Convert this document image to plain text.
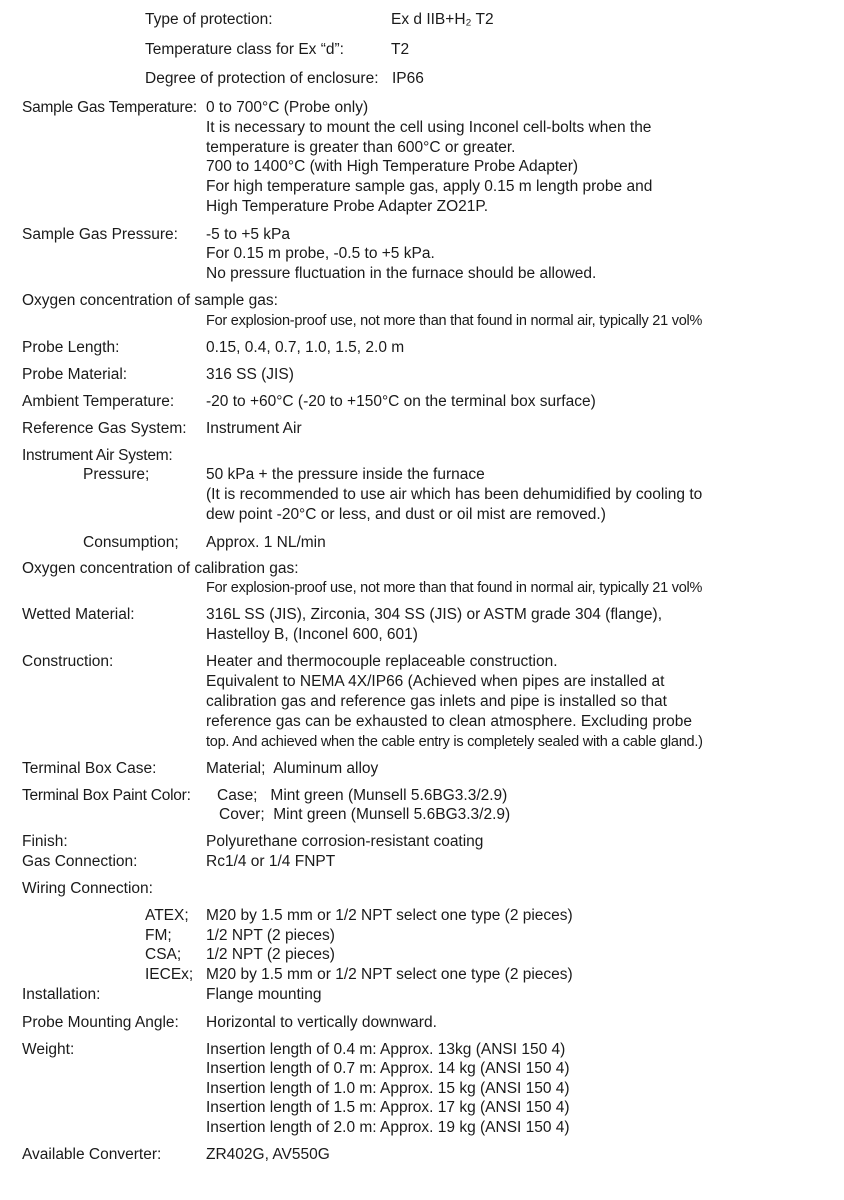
Type of protection:	Ex d IIB+H₂ T2
Temperature class for Ex “d”:	T2
Degree of protection of enclosure: IP66
Sample Gas Temperature: 0 to 700°C (Probe only)
It is necessary to mount the cell using Inconel cell-bolts when the
temperature is greater than 600°C or greater.
700 to 1400°C (with High Temperature Probe Adapter)
For high temperature sample gas, apply 0.15 m length probe and
High Temperature Probe Adapter ZO21P.
Sample Gas Pressure: -5 to +5 kPa
For 0.15 m probe, -0.5 to +5 kPa.
No pressure fluctuation in the furnace should be allowed.
Oxygen concentration of sample gas:
For explosion-proof use, not more than that found in normal air, typically 21 vol%
Probe Length:	0.15, 0.4, 0.7, 1.0, 1.5, 2.0 m
Probe Material:	316 SS (JIS)
Ambient Temperature: -20 to +60°C (-20 to +150°C on the terminal box surface)
Reference Gas System: Instrument Air
Instrument Air System:
Pressure;	50 kPa + the pressure inside the furnace
(It is recommended to use air which has been dehumidified by cooling to
dew point -20°C or less, and dust or oil mist are removed.)
Consumption; Approx. 1 NL/min
Oxygen concentration of calibration gas:
For explosion-proof use, not more than that found in normal air, typically 21 vol%
Wetted Material:	316L SS (JIS), Zirconia, 304 SS (JIS) or ASTM grade 304 (flange),
Hastelloy B, (Inconel 600, 601)
Construction:	Heater and thermocouple replaceable construction.
Equivalent to NEMA 4X/IP66 (Achieved when pipes are installed at
calibration gas and reference gas inlets and pipe is installed so that
reference gas can be exhausted to clean atmosphere. Excluding probe
top. And achieved when the cable entry is completely sealed with a cable gland.)
Terminal Box Case:	Material;  Aluminum alloy
Terminal Box Paint Color: Case;   Mint green (Munsell 5.6BG3.3/2.9)
Cover;  Mint green (Munsell 5.6BG3.3/2.9)
Finish:	Polyurethane corrosion-resistant coating
Gas Connection:	Rc1/4 or 1/4 FNPT
Wiring Connection:
ATEX; M20 by 1.5 mm or 1/2 NPT select one type (2 pieces)
FM; 1/2 NPT (2 pieces)
CSA; 1/2 NPT (2 pieces)
IECEx; M20 by 1.5 mm or 1/2 NPT select one type (2 pieces)
Installation:	Flange mounting
Probe Mounting Angle: Horizontal to vertically downward.
Weight:	Insertion length of 0.4 m: Approx. 13kg (ANSI 150 4)
Insertion length of 0.7 m: Approx. 14 kg (ANSI 150 4)
Insertion length of 1.0 m: Approx. 15 kg (ANSI 150 4)
Insertion length of 1.5 m: Approx. 17 kg (ANSI 150 4)
Insertion length of 2.0 m: Approx. 19 kg (ANSI 150 4)
Available Converter:	ZR402G, AV550G
